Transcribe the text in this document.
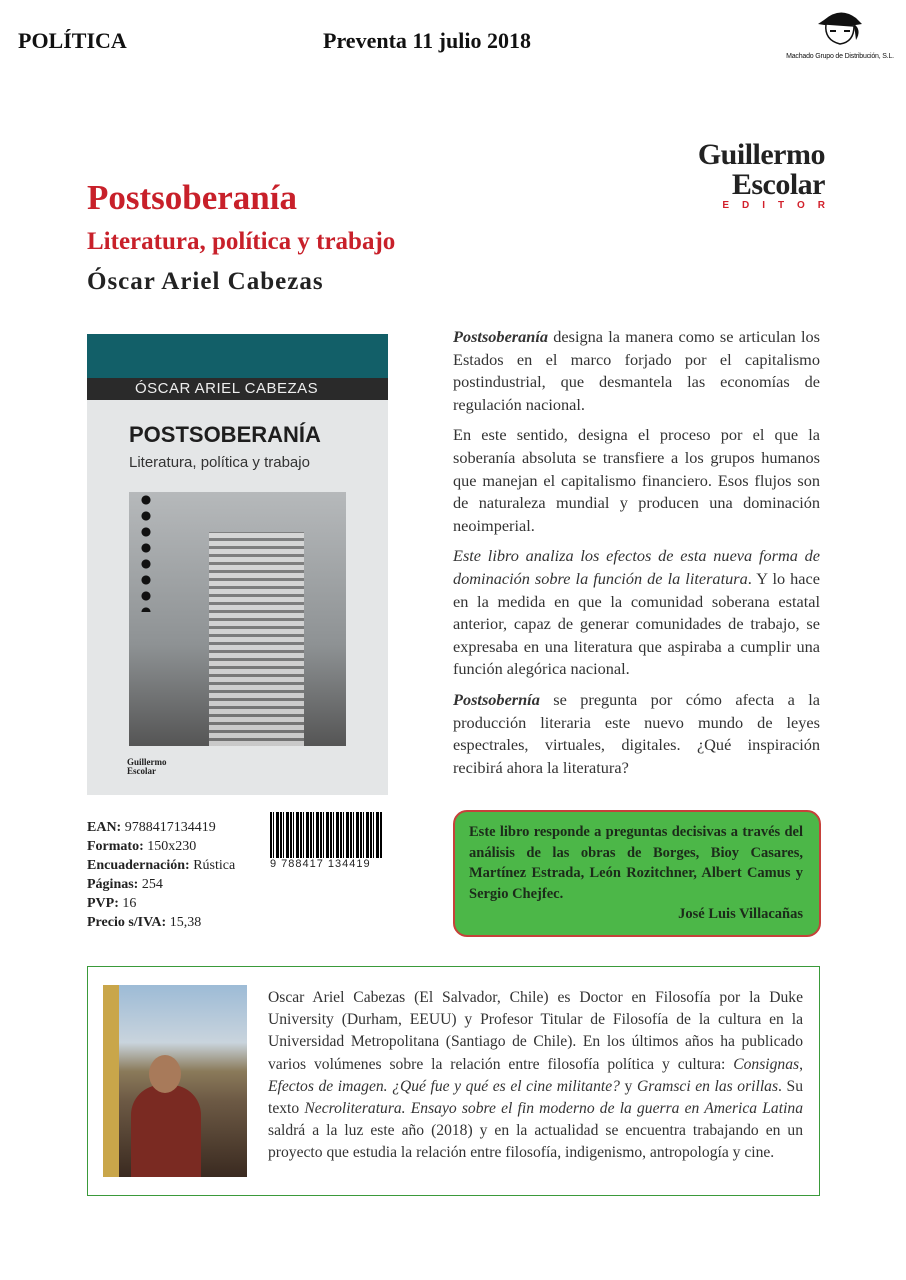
POLÍTICA	Preventa 11 julio 2018
Machado Grupo de Distribución, S.L.
Guillermo
Escolar
EDITOR
Postsoberanía
Literatura, política y trabajo
Óscar Ariel Cabezas
ÓSCAR ARIEL CABEZAS
POSTSOBERANÍA
Literatura, política y trabajo
Guillermo
Escolar
EAN: 9788417134419
Formato: 150x230
Encuadernación: Rústica
Páginas: 254
PVP: 16
Precio s/IVA: 15,38
9 788417 134419

Postsoberanía designa la manera como se articulan los Estados en el marco forjado por el capitalismo postindustrial, que desmantela las economías de regulación nacional.

En este sentido, designa el proceso por el que la soberanía absoluta se transfiere a los grupos humanos que manejan el capitalismo financiero. Esos flujos son de naturaleza mundial y producen una dominación neoimperial.

Este libro analiza los efectos de esta nueva forma de dominación sobre la función de la literatura. Y lo hace en la medida en que la comunidad soberana estatal anterior, capaz de generar comunidades de trabajo, se expresaba en una literatura que aspiraba a cumplir una función alegórica nacional.

Postsobernía se pregunta por cómo afecta a la producción literaria este nuevo mundo de leyes espectrales, virtuales, digitales. ¿Qué inspiración recibirá ahora la literatura?

Este libro responde a preguntas decisivas a través del análisis de las obras de Borges, Bioy Casares, Martínez Estrada, León Rozitchner, Albert Camus y Sergio Chejfec.
José Luis Villacañas
Oscar Ariel Cabezas (El Salvador, Chile) es Doctor en Filosofía por la Duke University (Durham, EEUU) y Profesor Titular de Filosofía de la cultura en la Universidad Metropolitana (Santiago de Chile). En los últimos años ha publicado varios volúmenes sobre la relación entre filosofía política y cultura: Consignas, Efectos de imagen. ¿Qué fue y qué es el cine militante? y Gramsci en las orillas. Su texto Necroliteratura. Ensayo sobre el fin moderno de la guerra en America Latina saldrá a la luz este año (2018) y en la actualidad se encuentra trabajando en un proyecto que estudia la relación entre filosofía, indigenismo, antropología y cine.
